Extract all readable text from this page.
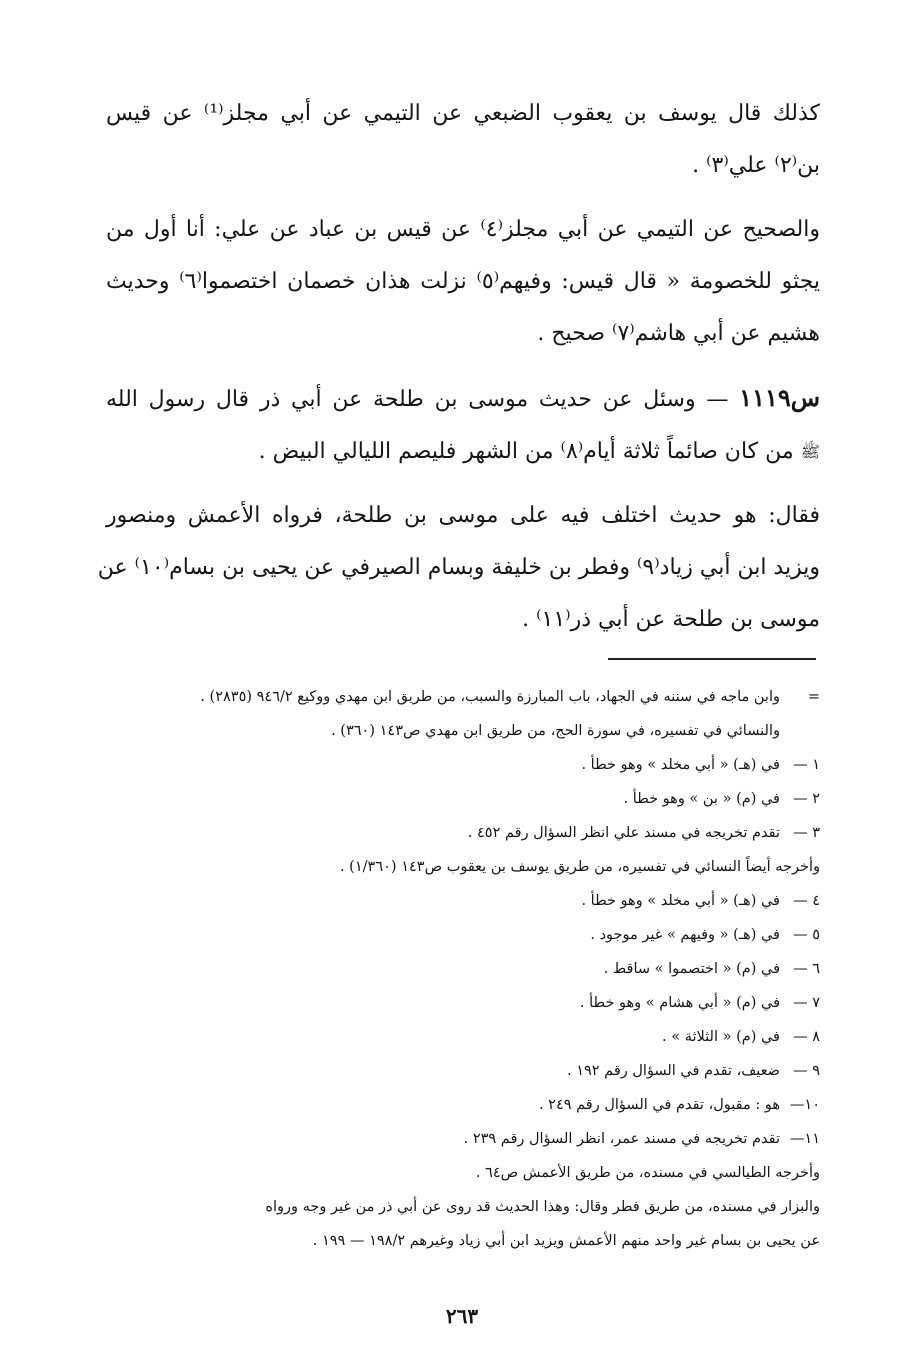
كذلك قال يوسف بن يعقوب الضبعي عن التيمي عن أبي مجلز⁽¹⁾ عن قيس
بن⁽٢⁾ علي⁽٣⁾ .

والصحيح عن التيمي عن أبي مجلز⁽٤⁾ عن قيس بن عباد عن علي: أنا أول من
يجثو للخصومة « قال قيس: وفيهم⁽٥⁾ نزلت هذان خصمان اختصموا⁽٦⁾ وحديث
هشيم عن أبي هاشم⁽٧⁾ صحيح .

س١١١٩ — وسئل عن حديث موسى بن طلحة عن أبي ذر قال رسول الله
ﷺ من كان صائماً ثلاثة أيام⁽٨⁾ من الشهر فليصم الليالي البيض .

فقال: هو حديث اختلف فيه على موسى بن طلحة، فرواه الأعمش ومنصور
ويزيد ابن أبي زياد⁽٩⁾ وفطر بن خليفة وبسام الصيرفي عن يحيى بن بسام⁽١٠⁾ عن
موسى بن طلحة عن أبي ذر⁽١١⁾ .

=
وابن ماجه في سننه في الجهاد، باب المبارزة والسبب، من طريق ابن مهدي ووكيع ٩٤٦/٢ (٢٨٣٥) .
والنسائي في تفسيره، في سورة الحج، من طريق ابن مهدي ص١٤٣ (٣٦٠) .
١ —
في (هـ) « أبي مخلد » وهو خطأ .
٢ —
في (م) « بن » وهو خطأ .
٣ —
تقدم تخريجه في مسند علي انظر السؤال رقم ٤٥٢ .
وأخرجه أيضاً النسائي في تفسيره، من طريق يوسف بن يعقوب ص١٤٣ (١/٣٦٠) .
٤ —
في (هـ) « أبي مخلد » وهو خطأ .
٥ —
في (هـ) « وفيهم » غير موجود .
٦ —
في (م) « اختصموا » ساقط .
٧ —
في (م) « أبي هشام » وهو خطأ .
٨ —
في (م) « الثلاثة » .
٩ —
ضعيف، تقدم في السؤال رقم ١٩٢ .
١٠—
هو : مقبول، تقدم في السؤال رقم ٢٤٩ .
١١—
تقدم تخريجه في مسند عمر، انظر السؤال رقم ٢٣٩ .
وأخرجه الطيالسي في مسنده، من طريق الأعمش ص٦٤ .
والبزار في مسنده، من طريق فطر وقال: وهذا الحديث قد روى عن أبي ذر من غير وجه ورواه
عن يحيى بن بسام غير واحد منهم الأعمش ويزيد ابن أبي زياد وغيرهم ١٩٨/٢ — ١٩٩ .
٢٦٣
